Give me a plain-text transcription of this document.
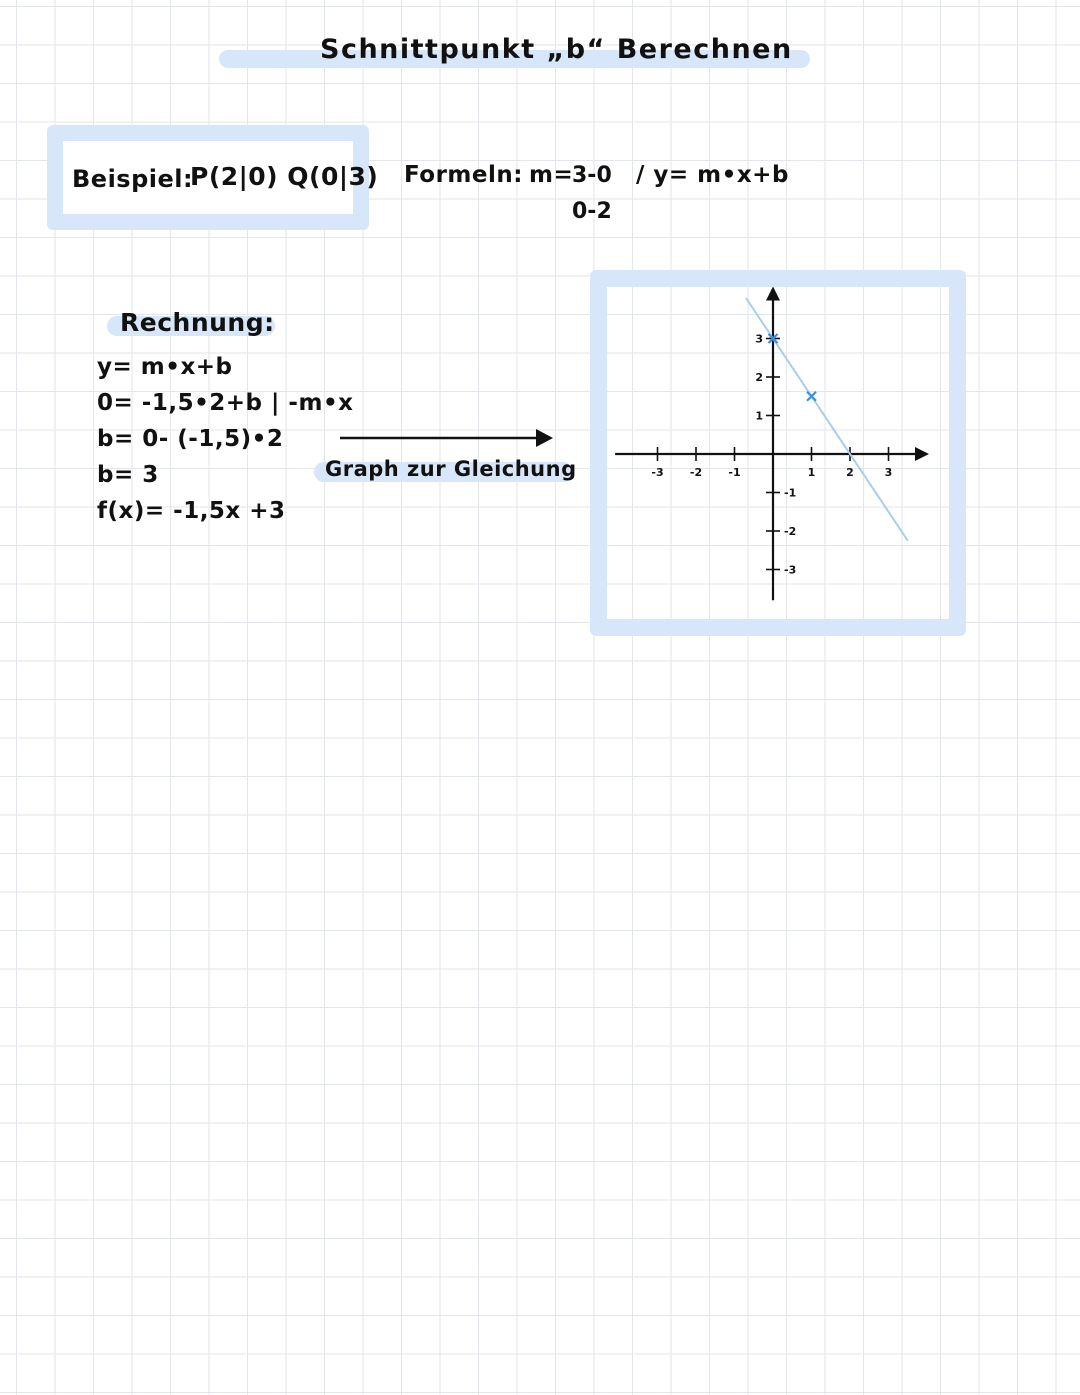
Schnittpunkt „b“ Berechnen
Beispiel:
P(2|0) Q(0|3) Formeln: m=
3-0
0-2
/ y= m•x+b
Rechnung:
y= m•x+b
0= -1,5•2+b | -m•x
b= 0- (-1,5)•2
b= 3
f(x)= -1,5x +3
Graph zur Gleichung	-3 -2 -1	1	2	3
-3
-2
-1
1
2
3
